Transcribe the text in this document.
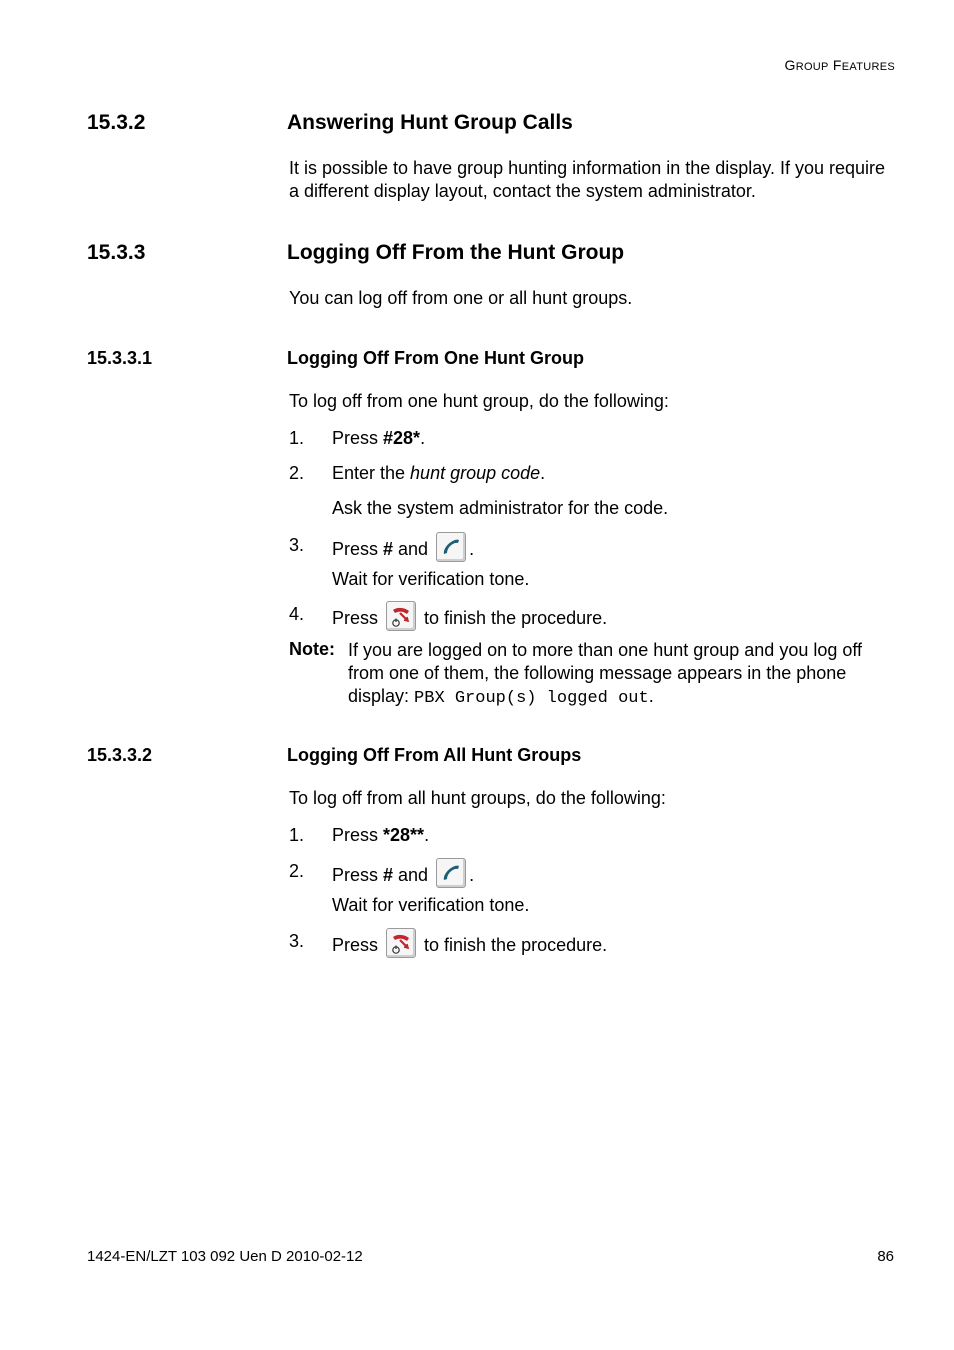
GROUP FEATURES
15.3.2	Answering Hunt Group Calls
It is possible to have group hunting information in the display. If you require a different display layout, contact the system administrator.
15.3.3	Logging Off From the Hunt Group
You can log off from one or all hunt groups.
15.3.3.1	Logging Off From One Hunt Group
To log off from one hunt group, do the following:
1. Press #28*.
2. Enter the hunt group code.
Ask the system administrator for the code.
3. Press # and
.
Wait for verification tone.
4. Press
to finish the procedure.
Note: If you are logged on to more than one hunt group and you log off from one of them, the following message appears in the phone display: PBX Group(s) logged out.
15.3.3.2	Logging Off From All Hunt Groups
To log off from all hunt groups, do the following:
1. Press *28**.
2. Press # and
.
Wait for verification tone.
3. Press
to finish the procedure.
1424-EN/LZT 103 092 Uen D 2010-02-12	86
